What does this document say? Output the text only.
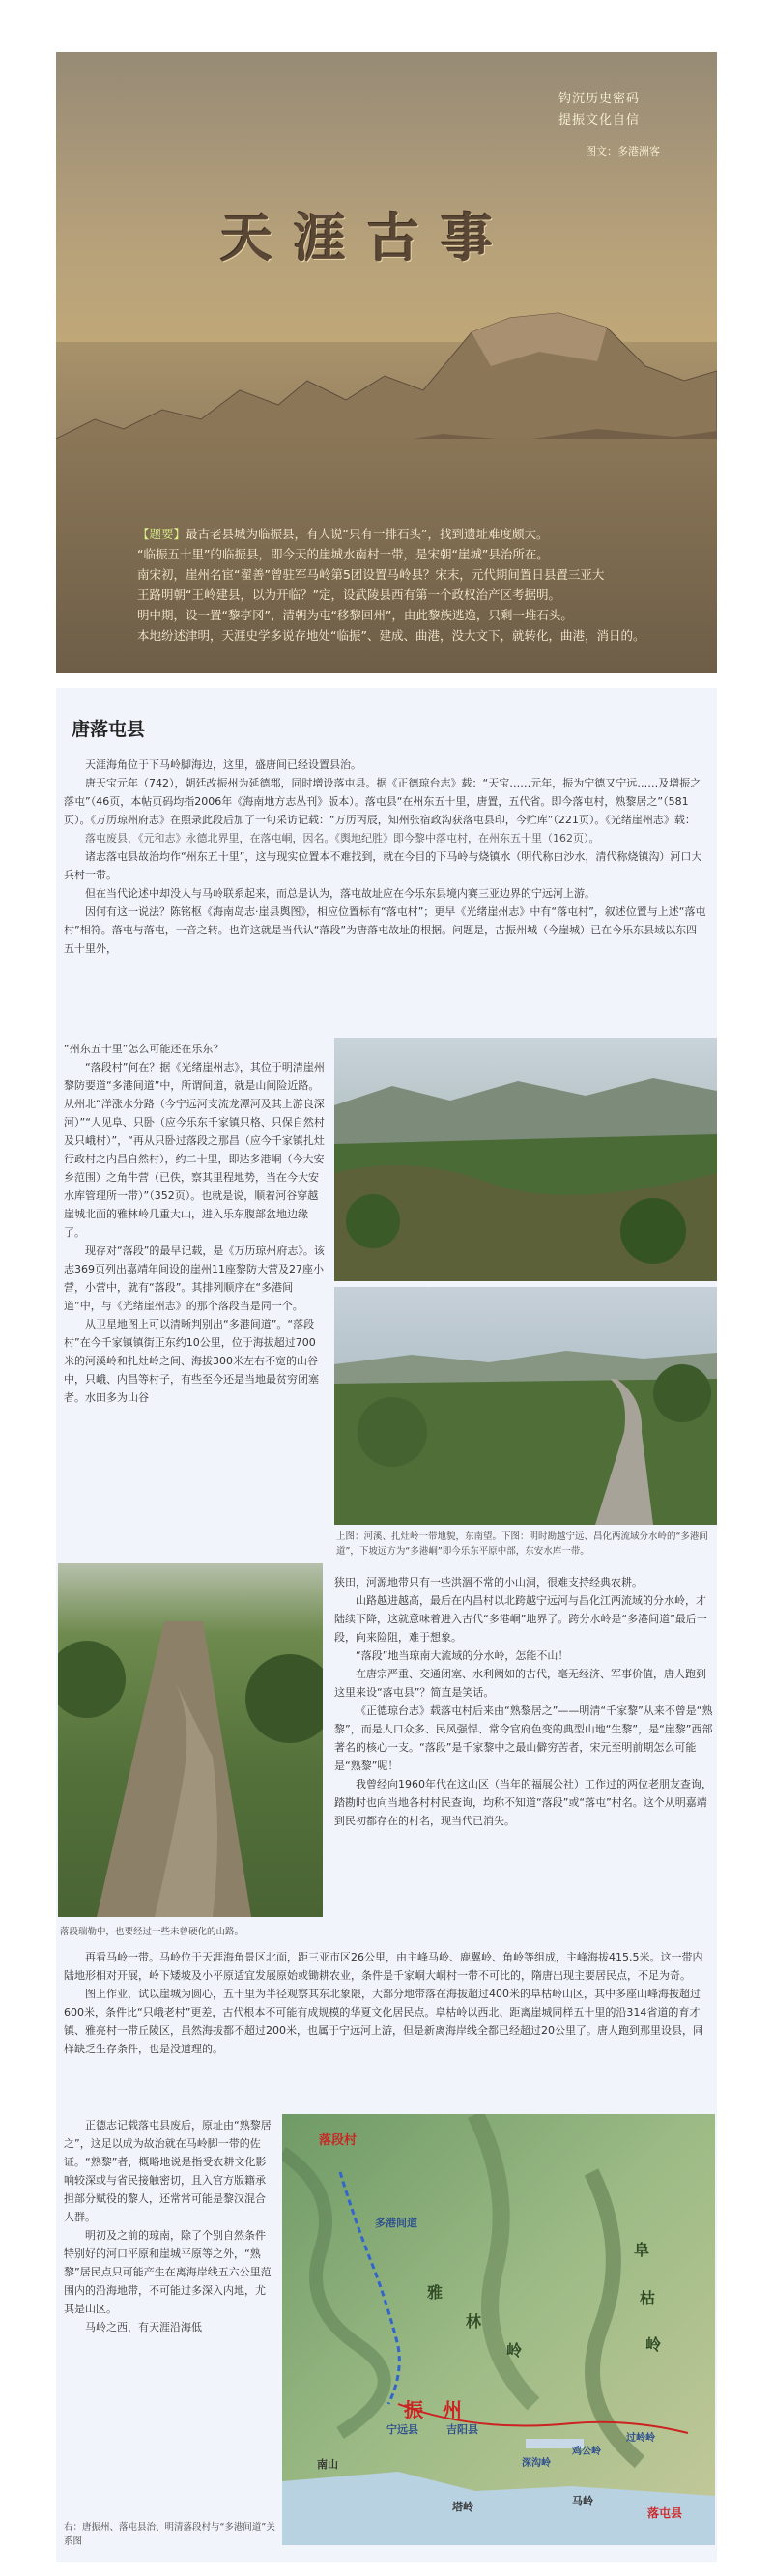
钩沉历史密码
提振文化自信
图文：多港洲客
天涯古事

【题要】最古老县城为临振县，有人说“只有一排石头”，找到遗址难度颇大。

“临振五十里”的临振县，即今天的崖城水南村一带，是宋朝“崖城”县治所在。

南宋初，崖州名宦“翟善”曾驻军马岭第5团设置马岭县？宋末，元代期间置日县置三亚大

王路明朝“王岭建县，以为开临？”定，设武陵县西有第一个政权治产区考据明。

明中期，设一置“黎亭冈”，清朝为屯“移黎回州”，由此黎族逃逸，只剩一堆石头。

本地纷述津明，天涯史学多说存地处“临振”、建成、曲港，没大文下，就转化，曲港，消日的。

唐落屯县

天涯海角位于下马岭脚海边，这里，盛唐间已经设置县治。

唐天宝元年（742），朝廷改振州为延德郡，同时增设落屯县。据《正德琼台志》载：“天宝……元年，振为宁德又宁远……及增振之落屯”（46页，本帖页码均指2006年《海南地方志丛刊》版本）。落屯县“在州东五十里，唐置，五代省。即今落屯村，熟黎居之”（581页）。《万历琼州府志》在照录此段后加了一句采访记载：“万历丙辰，知州张宿政沟获落屯县印，今贮库”（221页）。《光绪崖州志》载：

落屯废县，《元和志》永德北界里，在落屯峒，因名。《舆地纪胜》即今黎中落屯村，在州东五十里（162页）。

诸志落屯县故治均作“州东五十里”，这与现实位置本不难找到，就在今目的下马岭与烧镇水（明代称白沙水，清代称烧镇沟）河口大兵村一带。

但在当代论述中却没人与马岭联系起来，而总是认为，落屯故址应在今乐东县境内赛三亚边界的宁远河上游。

因何有这一说法？陈铭枢《海南岛志·崖县舆图》，相应位置标有“落屯村”；更早《光绪崖州志》中有“落屯村”，叙述位置与上述“落屯村”相符。落屯与落屯，一音之转。也许这就是当代认“落段”为唐落屯故址的根据。问题是，古振州城（今崖城）已在今乐东县域以东四五十里外，

“州东五十里”怎么可能还在乐东？

“落段村”何在？据《光绪崖州志》，其位于明清崖州黎防要道“多港间道”中，所谓间道，就是山间险近路。从州北“洋涨水分路（今宁远河支流龙潭河及其上游良深河）”“人见阜、只卧（应今乐东千家镇只格、只保自然村及只峨村）”，“再从只卧过落段之那昌（应今千家镇扎灶行政村之内昌自然村），约二十里，即达多港峒（今大安乡范围）之角牛营（已佚，察其里程地势，当在今大安水库管理所一带）”（352页）。也就是说，顺着河谷穿越崖城北面的雅林岭几重大山，进入乐东腹部盆地边缘了。

现存对“落段”的最早记载，是《万历琼州府志》。该志369页列出嘉靖年间设的崖州11座黎防大营及27座小营，小营中，就有“落段”。其排列顺序在“多港间道”中，与《光绪崖州志》的那个落段当是同一个。

从卫星地图上可以清晰判别出“多港间道”。“落段村”在今千家镇镇街正东约10公里，位于海拔超过700米的河溪岭和扎灶岭之间、海拔300米左右不宽的山谷中，只峨、内昌等村子，有些至今还是当地最贫穷闭塞者。水田多为山谷

上图：河溪、扎灶岭一带地貌，东南望。下图：明时勘越宁远、昌化两流域分水岭的“多港间道”，下坡远方为“多港峒”即今乐东平原中部，东安水库一带。
落段瑞勒中，也要经过一些未曾硬化的山路。

狭田，河源地带只有一些洪涸不常的小山洞，很难支持经典农耕。

山路越进越高，最后在内昌村以北跨越宁远河与昌化江两流域的分水岭，才陆续下降，这就意味着进入古代“多港峒”地界了。跨分水岭是“多港间道”最后一段，向来险阻，难于想象。

“落段”地当琼南大流域的分水岭，怎能不山！

在唐宗严重、交通闭塞、水利阙如的古代，毫无经济、军事价值，唐人跑到这里来设“落屯县”？简直是笑话。

《正德琼台志》载落屯村后来由“熟黎居之”——明清“千家黎”从来不曾是“熟黎”，而是人口众多、民风强悍、常令官府色变的典型山地“生黎”，是“崖黎”西部著名的核心一支。“落段”是千家黎中之最山僻穷苦者，宋元至明前期怎么可能是“熟黎”呢！

我曾经向1960年代在这山区（当年的福展公社）工作过的两位老朋友查询，踏勘时也向当地各村村民查询，均称不知道“落段”或“落屯”村名。这个从明嘉靖到民初都存在的村名，现当代已消失。

再看马岭一带。马岭位于天涯海角景区北面，距三亚市区26公里，由主峰马岭、鹿翼岭、角岭等组成，主峰海拔415.5米。这一带内陆地形相对开展，岭下矮坡及小平原适宜发展原始或锄耕农业，条件是千家峒大峒村一带不可比的，隋唐出现主要居民点，不足为奇。

图上作业，试以崖城为圆心，五十里为半径观察其东北象限，大部分地带落在海拔超过400米的阜枯岭山区，其中多座山峰海拔超过600米，条件比“只峨老村”更差，古代根本不可能有成规模的华夏文化居民点。阜枯岭以西北、距离崖城同样五十里的沿314省道的育才镇、雅亮村一带丘陵区，虽然海拔都不超过200米，也属于宁远河上游，但是新离海岸线全都已经超过20公里了。唐人跑到那里设县，同样缺乏生存条件，也是没道理的。

正德志记载落屯县废后，原址由“熟黎居之”，这足以成为故治就在马岭脚一带的佐证。“熟黎”者，概略地说是指受农耕文化影响较深或与省民接触密切，且入官方版籍承担部分赋役的黎人，还常常可能是黎汉混合人群。

明初及之前的琼南，除了个别自然条件特别好的河口平原和崖城平原等之外，“熟黎”居民点只可能产生在离海岸线五六公里范围内的沿海地带，不可能过多深入内地，尤其是山区。

马岭之西，有天涯沿海低

右：唐振州、落屯县治、明清落段村与“多港间道”关系图
落段村
多港间道
振　州
宁远县	吉阳县
雅
林
岭
阜
枯
岭
南山
塔岭	马岭
落屯县
深沟岭
鸡公岭
过岭岭
